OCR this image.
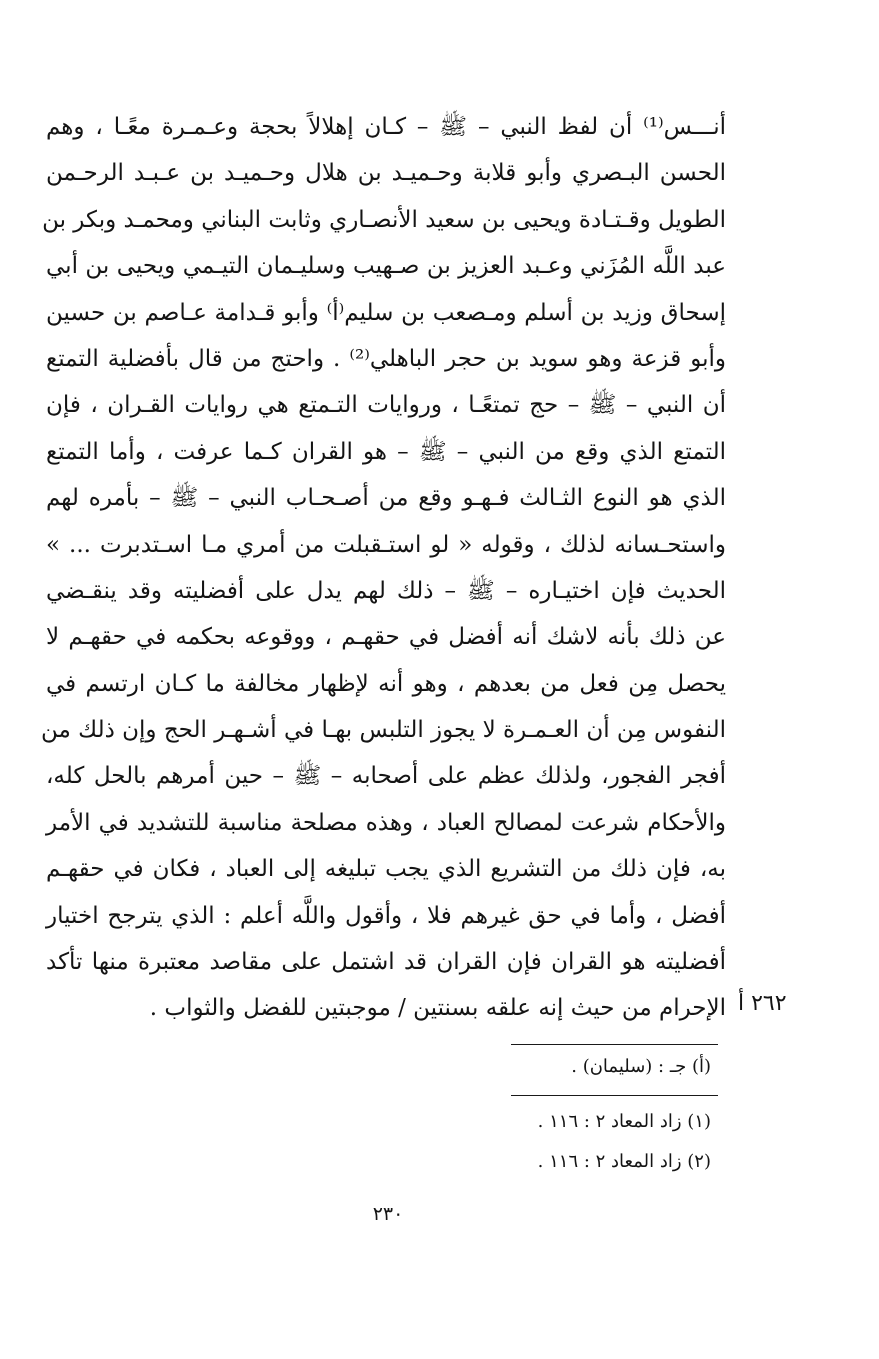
أنـــس⁽¹⁾ أن لفظ النبي – ﷺ – كـان إهلالاً بحجة وعـمـرة معًـا ، وهم
الحسن البـصري وأبو قلابة وحـميـد بن هلال وحـميـد بن عـبـد الرحـمن
الطويل وقـتـادة ويحيى بن سعيد الأنصـاري وثابت البناني ومحمـد وبكر بن
عبد اللَّه المُزَني وعـبد العزيز بن صـهيب وسليـمان التيـمي ويحيى بن أبي
إسحاق وزيد بن أسلم ومـصعب بن سليم⁽أ⁾ وأبو قـدامة عـاصم بن حسين
وأبو قزعة وهو سويد بن حجر الباهلي⁽²⁾ . واحتج من قال بأفضلية التمتع
أن النبي – ﷺ – حج تمتعًـا ، وروايات التـمتع هي روايات القـران ، فإن
التمتع الذي وقع من النبي – ﷺ – هو القران كـما عرفت ، وأما التمتع
الذي هو النوع الثـالث فـهـو وقع من أصـحـاب النبي – ﷺ – بأمره لهم
واستحـسانه لذلك ، وقوله « لو استـقبلت من أمري مـا اسـتدبرت ... »
الحديث فإن اختيـاره – ﷺ – ذلك لهم يدل على أفضليته وقد ينقـضي
عن ذلك بأنه لاشك أنه أفضل في حقهـم ، ووقوعه بحكمه في حقهـم لا
يحصل مِن فعل من بعدهم ، وهو أنه لإظهار مخالفة ما كـان ارتسم في
النفوس مِن أن العـمـرة لا يجوز التلبس بهـا في أشـهـر الحج وإن ذلك من
أفجر الفجور، ولذلك عظم على أصحابه – ﷺ – حين أمرهم بالحل كله،
والأحكام شرعت لمصالح العباد ، وهذه مصلحة مناسبة للتشديد في الأمر
به، فإن ذلك من التشريع الذي يجب تبليغه إلى العباد ، فكان في حقهـم
أفضل ، وأما في حق غيرهم فلا ، وأقول واللَّه أعلم : الذي يترجح اختيار
أفضليته هو القران فإن القران قد اشتمل على مقاصد معتبرة منها تأكد
الإحرام من حيث إنه علقه بسنتين / موجبتين للفضل والثواب . ٢٦٢ أ
(أ) جـ : (سليمان) .
(١) زاد المعاد ٢ : ١١٦ .
(٢) زاد المعاد ٢ : ١١٦ .
٢٣٠
